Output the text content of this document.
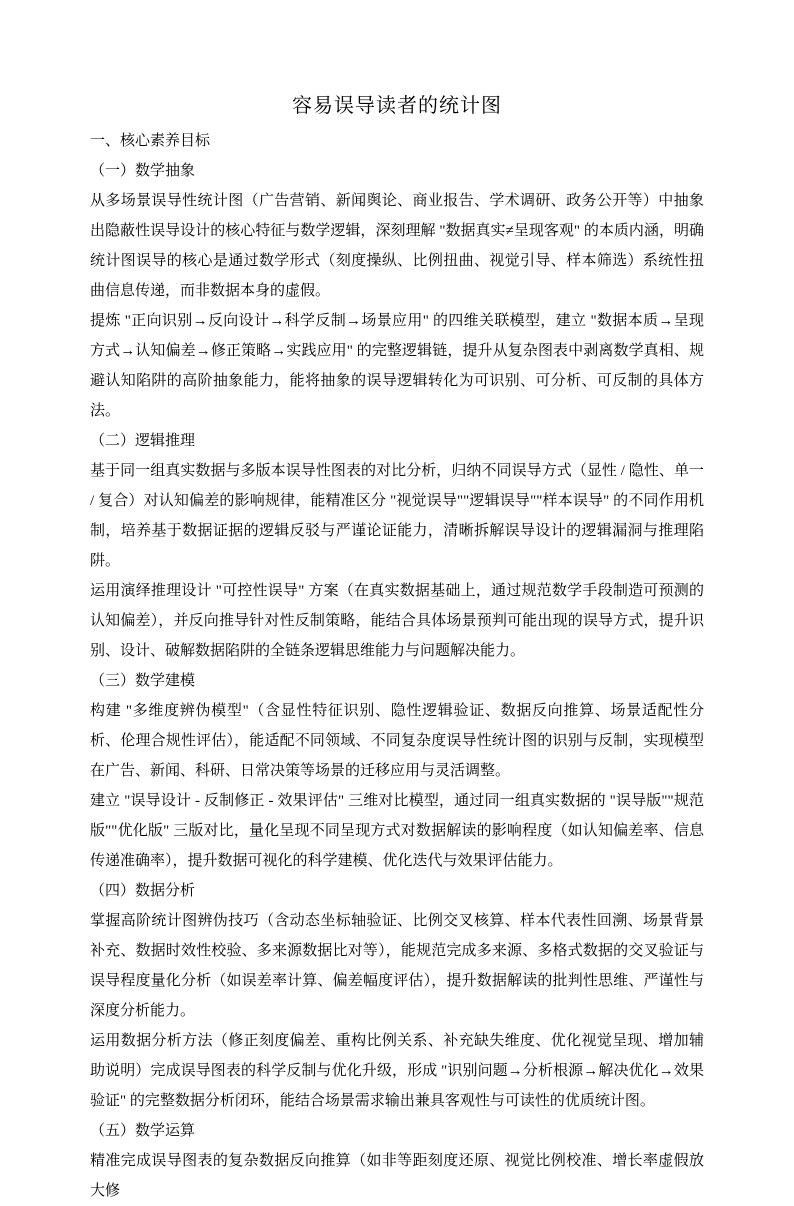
容易误导读者的统计图

一、核心素养目标

（一）数学抽象

从多场景误导性统计图（广告营销、新闻舆论、商业报告、学术调研、政务公开等）中抽象出隐蔽性误导设计的核心特征与数学逻辑，深刻理解 "数据真实≠呈现客观" 的本质内涵，明确统计图误导的核心是通过数学形式（刻度操纵、比例扭曲、视觉引导、样本筛选）系统性扭曲信息传递，而非数据本身的虚假。

提炼 "正向识别→反向设计→科学反制→场景应用" 的四维关联模型，建立 "数据本质→呈现方式→认知偏差→修正策略→实践应用" 的完整逻辑链，提升从复杂图表中剥离数学真相、规避认知陷阱的高阶抽象能力，能将抽象的误导逻辑转化为可识别、可分析、可反制的具体方法。

（二）逻辑推理

基于同一组真实数据与多版本误导性图表的对比分析，归纳不同误导方式（显性 / 隐性、单一 / 复合）对认知偏差的影响规律，能精准区分 "视觉误导""逻辑误导""样本误导" 的不同作用机制，培养基于数据证据的逻辑反驳与严谨论证能力，清晰拆解误导设计的逻辑漏洞与推理陷阱。

运用演绎推理设计 "可控性误导" 方案（在真实数据基础上，通过规范数学手段制造可预测的认知偏差），并反向推导针对性反制策略，能结合具体场景预判可能出现的误导方式，提升识别、设计、破解数据陷阱的全链条逻辑思维能力与问题解决能力。

（三）数学建模

构建 "多维度辨伪模型"（含显性特征识别、隐性逻辑验证、数据反向推算、场景适配性分析、伦理合规性评估），能适配不同领域、不同复杂度误导性统计图的识别与反制，实现模型在广告、新闻、科研、日常决策等场景的迁移应用与灵活调整。

建立 "误导设计 - 反制修正 - 效果评估" 三维对比模型，通过同一组真实数据的 "误导版""规范版""优化版" 三版对比，量化呈现不同呈现方式对数据解读的影响程度（如认知偏差率、信息传递准确率），提升数据可视化的科学建模、优化迭代与效果评估能力。

（四）数据分析

掌握高阶统计图辨伪技巧（含动态坐标轴验证、比例交叉核算、样本代表性回溯、场景背景补充、数据时效性校验、多来源数据比对等），能规范完成多来源、多格式数据的交叉验证与误导程度量化分析（如误差率计算、偏差幅度评估），提升数据解读的批判性思维、严谨性与深度分析能力。

运用数据分析方法（修正刻度偏差、重构比例关系、补充缺失维度、优化视觉呈现、增加辅助说明）完成误导图表的科学反制与优化升级，形成 "识别问题→分析根源→解决优化→效果验证" 的完整数据分析闭环，能结合场景需求输出兼具客观性与可读性的优质统计图。

（五）数学运算

精准完成误导图表的复杂数据反向推算（如非等距刻度还原、视觉比例校准、增长率虚假放大修
